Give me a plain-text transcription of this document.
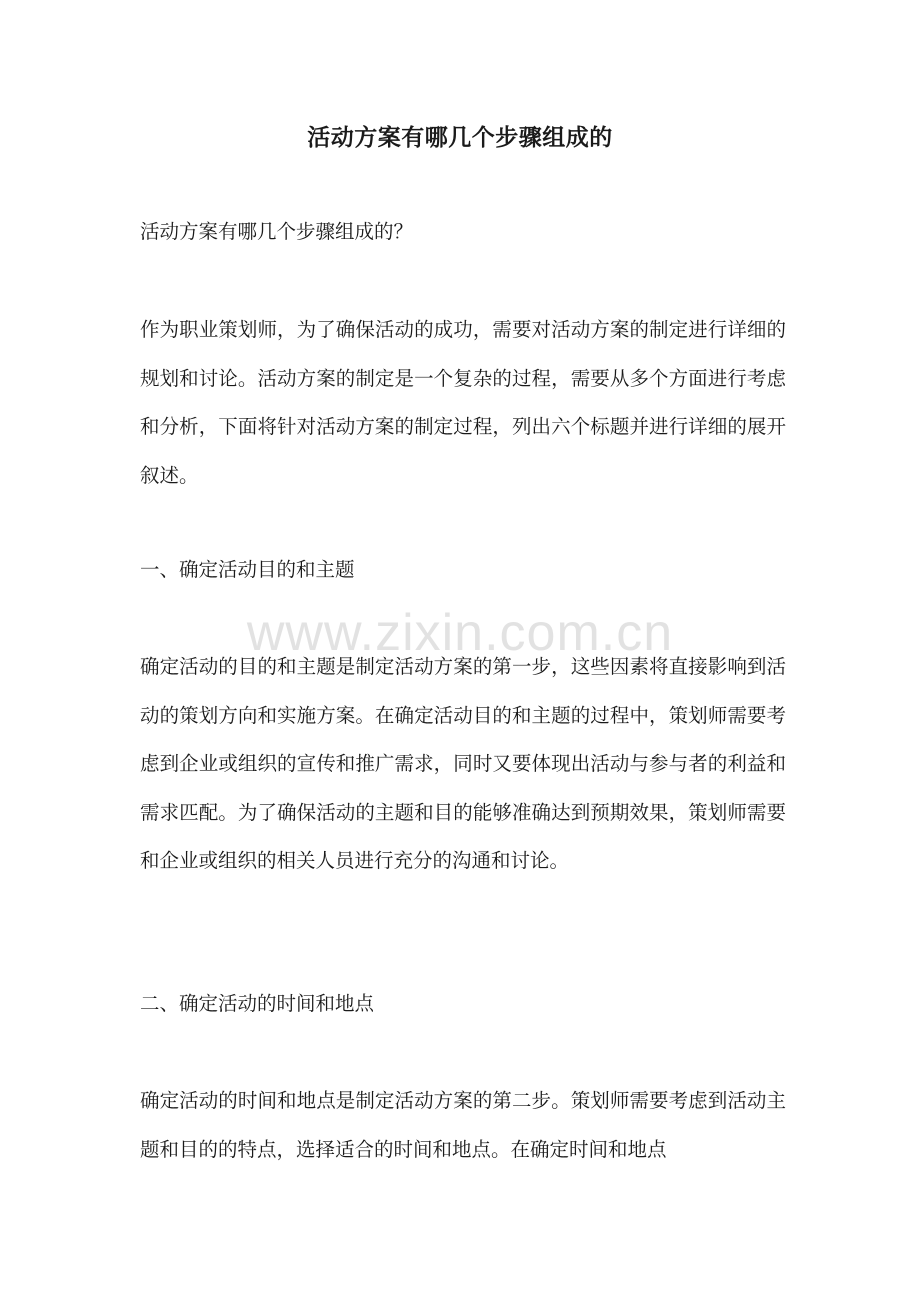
活动方案有哪几个步骤组成的

活动方案有哪几个步骤组成的？

作为职业策划师，为了确保活动的成功，需要对活动方案的制定进行详细的规划和讨论。活动方案的制定是一个复杂的过程，需要从多个方面进行考虑和分析，下面将针对活动方案的制定过程，列出六个标题并进行详细的展开叙述。

一、确定活动目的和主题

确定活动的目的和主题是制定活动方案的第一步，这些因素将直接影响到活动的策划方向和实施方案。在确定活动目的和主题的过程中，策划师需要考虑到企业或组织的宣传和推广需求，同时又要体现出活动与参与者的利益和需求匹配。为了确保活动的主题和目的能够准确达到预期效果，策划师需要和企业或组织的相关人员进行充分的沟通和讨论。

二、确定活动的时间和地点

确定活动的时间和地点是制定活动方案的第二步。策划师需要考虑到活动主题和目的的特点，选择适合的时间和地点。在确定时间和地点

www.zixin.com.cn
